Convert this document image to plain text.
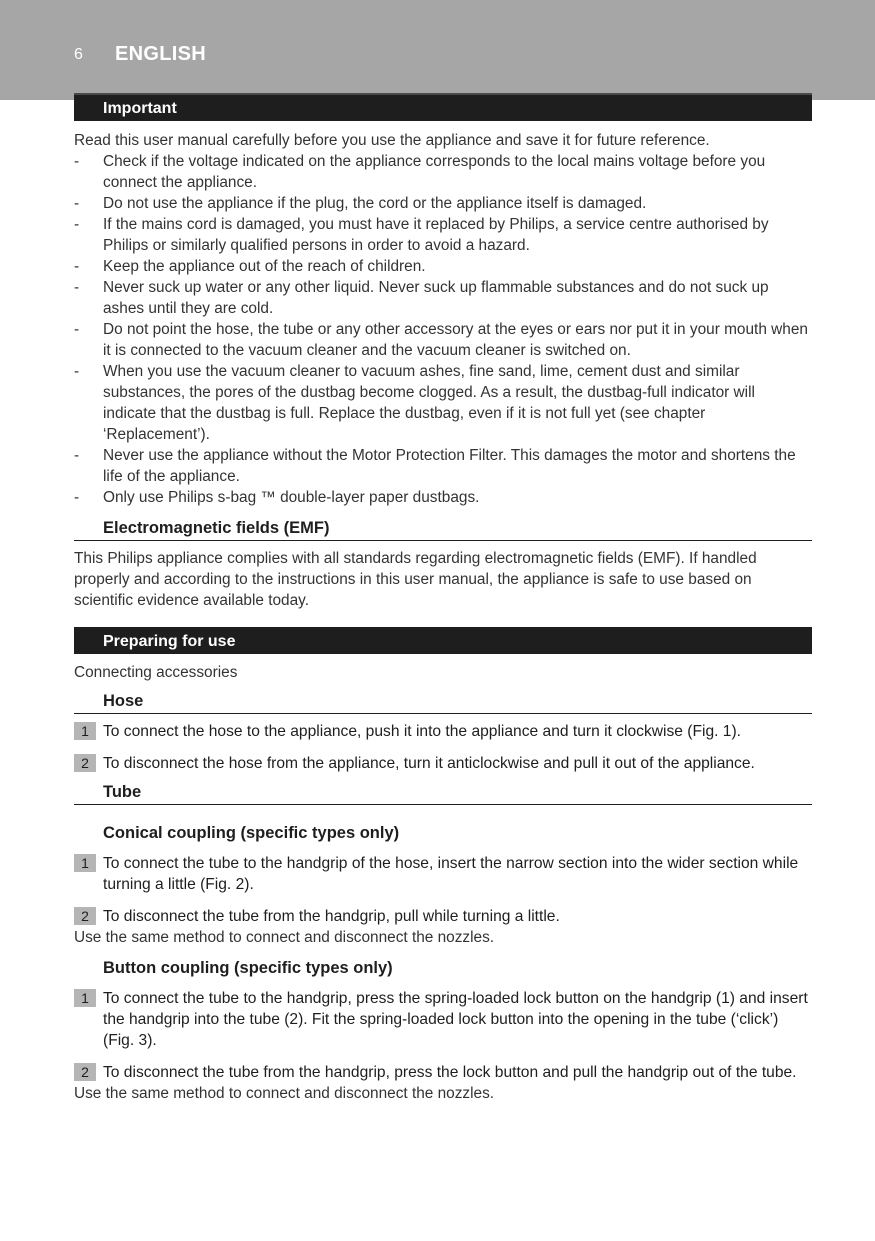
6 ENGLISH
Important

Read this user manual carefully before you use the appliance and save it for future reference.

- Check if the voltage indicated on the appliance corresponds to the local mains voltage before you connect the appliance.
- Do not use the appliance if the plug, the cord or the appliance itself is damaged.
- If the mains cord is damaged, you must have it replaced by Philips, a service centre authorised by Philips or similarly qualified persons in order to avoid a hazard.
- Keep the appliance out of the reach of children.
- Never suck up water or any other liquid. Never suck up flammable substances and do not suck up ashes until they are cold.
- Do not point the hose, the tube or any other accessory at the eyes or ears nor put it in your mouth when it is connected to the vacuum cleaner and the vacuum cleaner is switched on.
- When you use the vacuum cleaner to vacuum ashes, fine sand, lime, cement dust and similar substances, the pores of the dustbag become clogged. As a result, the dustbag-full indicator will indicate that the dustbag is full. Replace the dustbag, even if it is not full yet (see chapter ‘Replacement’).
- Never use the appliance without the Motor Protection Filter. This damages the motor and shortens the life of the appliance.
- Only use Philips s-bag ™ double-layer paper dustbags.
Electromagnetic fields (EMF)

This Philips appliance complies with all standards regarding electromagnetic fields (EMF). If handled properly and according to the instructions in this user manual, the appliance is safe to use based on scientific evidence available today.

Preparing for use

Connecting accessories

Hose
1 To connect the hose to the appliance, push it into the appliance and turn it clockwise (Fig. 1).
2 To disconnect the hose from the appliance, turn it anticlockwise and pull it out of the appliance.
Tube
Conical coupling (specific types only)
1 To connect the tube to the handgrip of the hose, insert the narrow section into the wider section while turning a little (Fig. 2).
2 To disconnect the tube from the handgrip, pull while turning a little.

Use the same method to connect and disconnect the nozzles.

Button coupling (specific types only)
1 To connect the tube to the handgrip, press the spring-loaded lock button on the handgrip (1) and insert the handgrip into the tube (2). Fit the spring-loaded lock button into the opening in the tube (‘click’) (Fig. 3).
2 To disconnect the tube from the handgrip, press the lock button and pull the handgrip out of the tube.

Use the same method to connect and disconnect the nozzles.
